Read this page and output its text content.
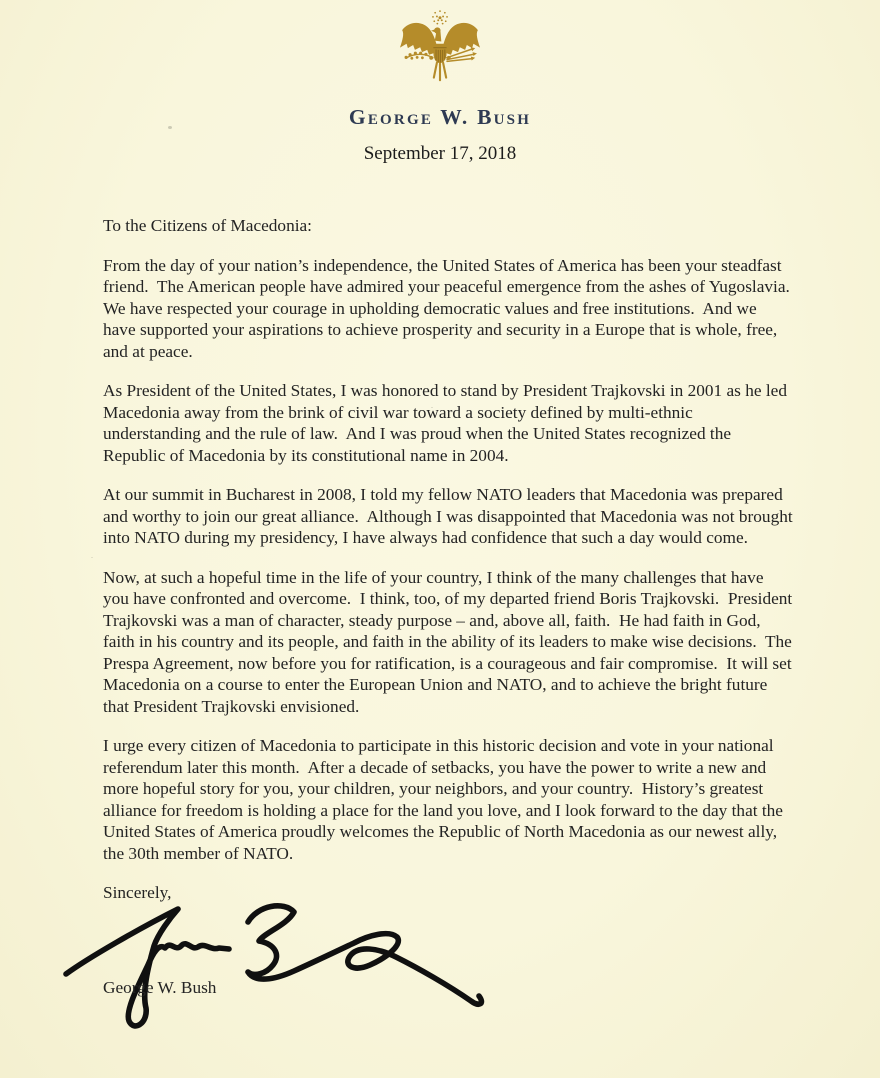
George W. Bush
September 17, 2018
To the Citizens of Macedonia:

From the day of your nation’s independence, the United States of America has been your steadfast friend.  The American people have admired your peaceful emergence from the ashes of Yugoslavia.  We have respected your courage in upholding democratic values and free institutions.  And we have supported your aspirations to achieve prosperity and security in a Europe that is whole, free, and at peace.

As President of the United States, I was honored to stand by President Trajkovski in 2001 as he led Macedonia away from the brink of civil war toward a society defined by multi-ethnic understanding and the rule of law.  And I was proud when the United States recognized the Republic of Macedonia by its constitutional name in 2004.

At our summit in Bucharest in 2008, I told my fellow NATO leaders that Macedonia was prepared and worthy to join our great alliance.  Although I was disappointed that Macedonia was not brought into NATO during my presidency, I have always had confidence that such a day would come.

Now, at such a hopeful time in the life of your country, I think of the many challenges that have you have confronted and overcome.  I think, too, of my departed friend Boris Trajkovski.  President Trajkovski was a man of character, steady purpose – and, above all, faith.  He had faith in God, faith in his country and its people, and faith in the ability of its leaders to make wise decisions.  The Prespa Agreement, now before you for ratification, is a courageous and fair compromise.  It will set Macedonia on a course to enter the European Union and NATO, and to achieve the bright future that President Trajkovski envisioned.

I urge every citizen of Macedonia to participate in this historic decision and vote in your national referendum later this month.  After a decade of setbacks, you have the power to write a new and more hopeful story for you, your children, your neighbors, and your country.  History’s greatest alliance for freedom is holding a place for the land you love, and I look forward to the day that the United States of America proudly welcomes the Republic of North Macedonia as our newest ally, the 30th member of NATO.

Sincerely,
George W. Bush
